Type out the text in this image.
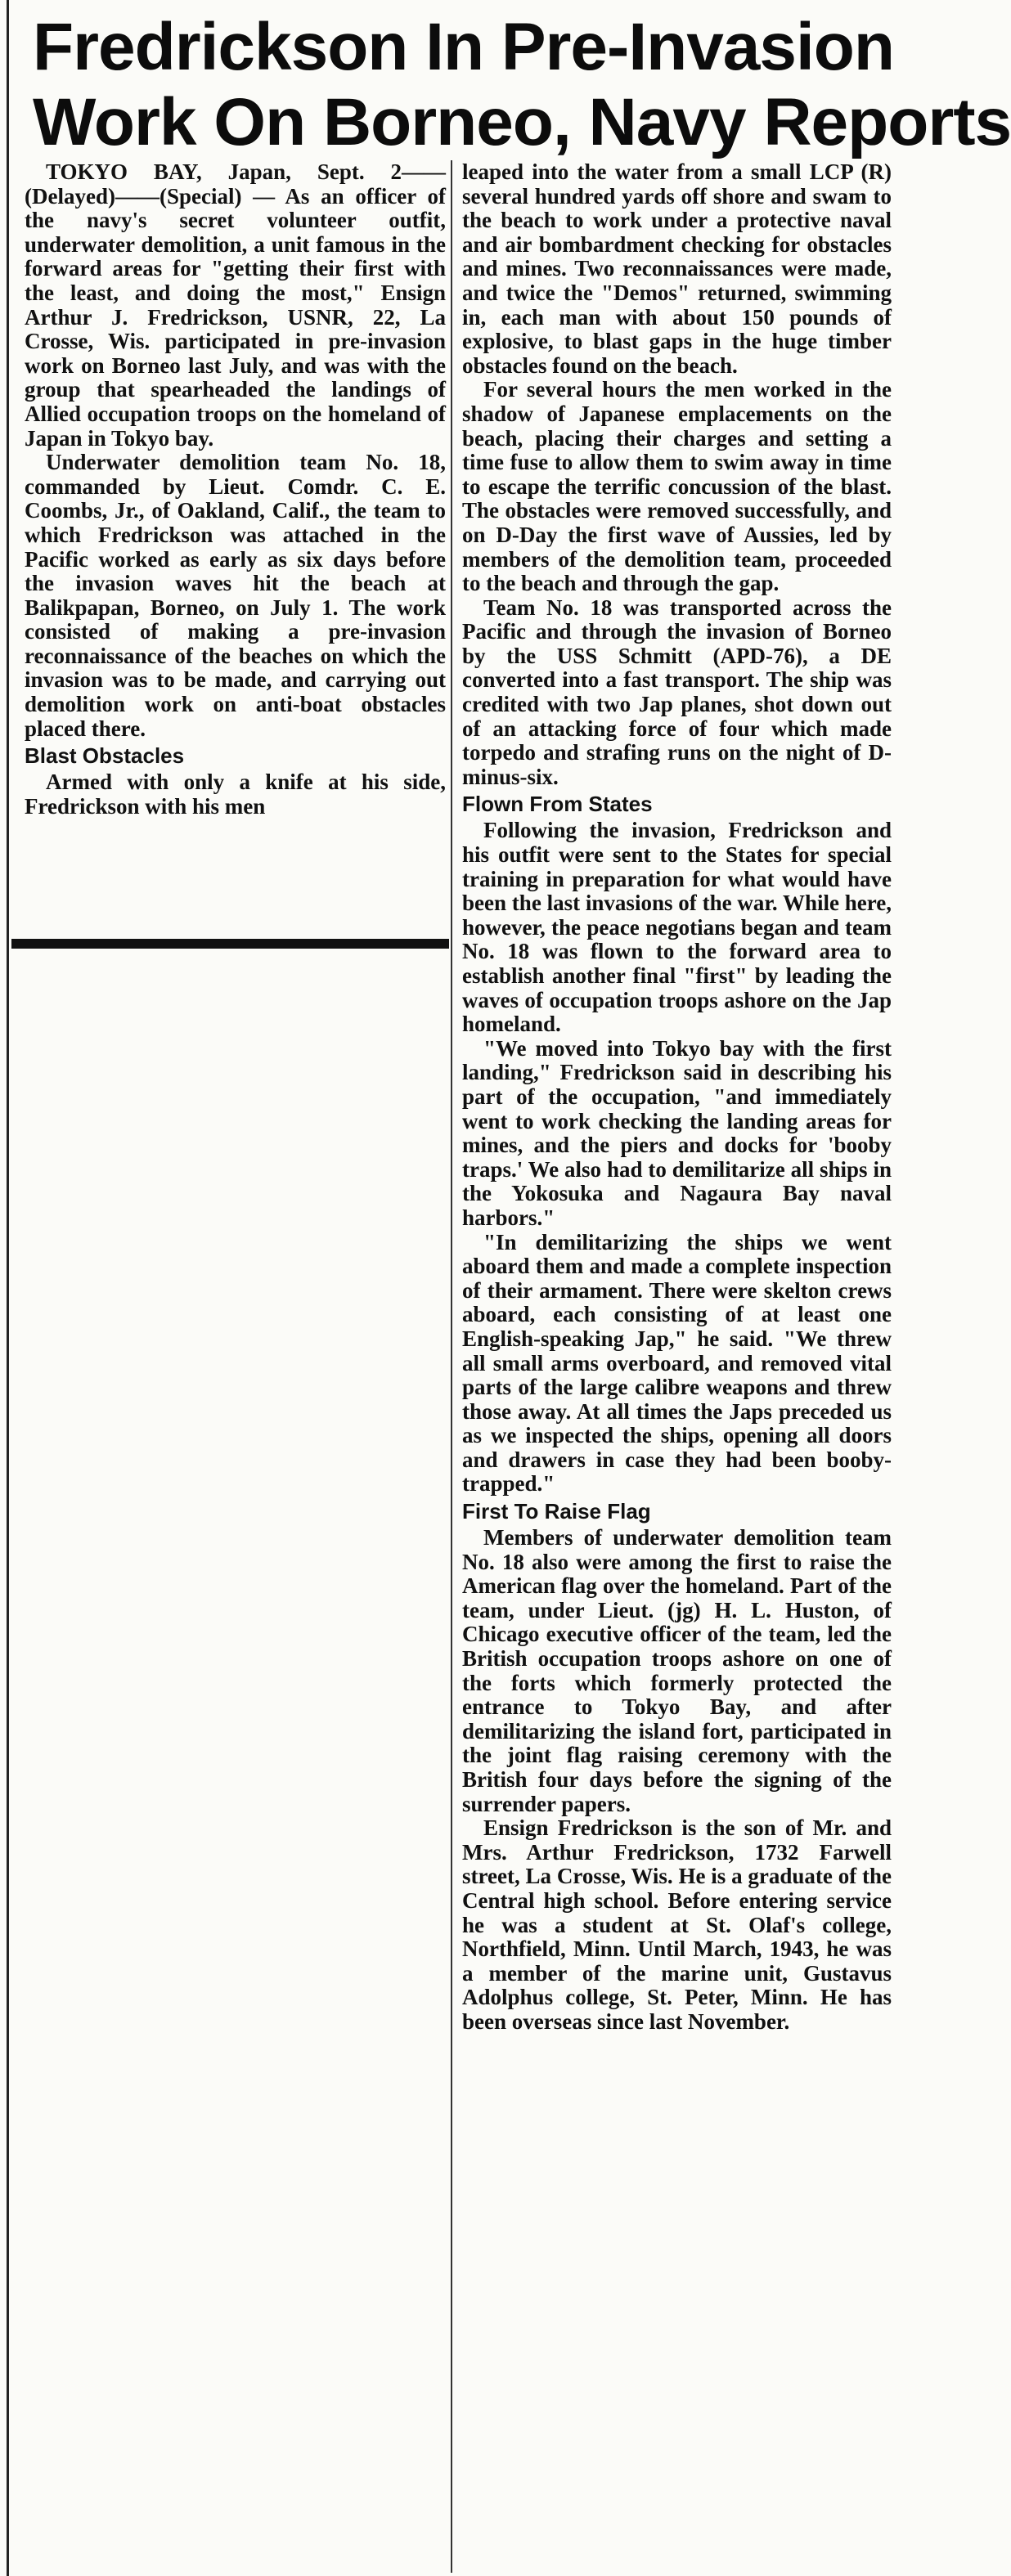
Fredrickson In Pre-Invasion
Work On Borneo, Navy Reports

TOKYO BAY, Japan, Sept. 2——(Delayed)——(Special) — As an officer of the navy's secret volunteer outfit, underwater demolition, a unit famous in the forward areas for "getting their first with the least, and doing the most," Ensign Arthur J. Fredrickson, USNR, 22, La Crosse, Wis. participated in pre-invasion work on Borneo last July, and was with the group that spearheaded the landings of Allied occupation troops on the homeland of Japan in Tokyo bay.

Underwater demolition team No. 18, commanded by Lieut. Comdr. C. E. Coombs, Jr., of Oakland, Calif., the team to which Fredrickson was attached in the Pacific worked as early as six days before the invasion waves hit the beach at Balikpapan, Borneo, on July 1. The work consisted of making a pre-invasion reconnaissance of the beaches on which the invasion was to be made, and carrying out demolition work on anti-boat obstacles placed there.

Blast Obstacles

Armed with only a knife at his side, Fredrickson with his men

leaped into the water from a small LCP (R) several hundred yards off shore and swam to the beach to work under a protective naval and air bombardment checking for obstacles and mines. Two reconnaissances were made, and twice the "Demos" returned, swimming in, each man with about 150 pounds of explosive, to blast gaps in the huge timber obstacles found on the beach.

For several hours the men worked in the shadow of Japanese emplacements on the beach, placing their charges and setting a time fuse to allow them to swim away in time to escape the terrific concussion of the blast. The obstacles were removed successfully, and on D-Day the first wave of Aussies, led by members of the demolition team, proceeded to the beach and through the gap.

Team No. 18 was transported across the Pacific and through the invasion of Borneo by the USS Schmitt (APD-76), a DE converted into a fast transport. The ship was credited with two Jap planes, shot down out of an attacking force of four which made torpedo and strafing runs on the night of D-minus-six.

Flown From States

Following the invasion, Fredrickson and his outfit were sent to the States for special training in preparation for what would have been the last invasions of the war. While here, however, the peace negotians began and team No. 18 was flown to the forward area to establish another final "first" by leading the waves of occupation troops ashore on the Jap homeland.

"We moved into Tokyo bay with the first landing," Fredrickson said in describing his part of the occupation, "and immediately went to work checking the landing areas for mines, and the piers and docks for 'booby traps.' We also had to demilitarize all ships in the Yokosuka and Nagaura Bay naval harbors."

"In demilitarizing the ships we went aboard them and made a complete inspection of their armament. There were skelton crews aboard, each consisting of at least one English-speaking Jap," he said. "We threw all small arms overboard, and removed vital parts of the large calibre weapons and threw those away. At all times the Japs preceded us as we inspected the ships, opening all doors and drawers in case they had been booby-trapped."

First To Raise Flag

Members of underwater demolition team No. 18 also were among the first to raise the American flag over the homeland. Part of the team, under Lieut. (jg) H. L. Huston, of Chicago executive officer of the team, led the British occupation troops ashore on one of the forts which formerly protected the entrance to Tokyo Bay, and after demilitarizing the island fort, participated in the joint flag raising ceremony with the British four days before the signing of the surrender papers.

Ensign Fredrickson is the son of Mr. and Mrs. Arthur Fredrickson, 1732 Farwell street, La Crosse, Wis. He is a graduate of the Central high school. Before entering service he was a student at St. Olaf's college, Northfield, Minn. Until March, 1943, he was a member of the marine unit, Gustavus Adolphus college, St. Peter, Minn. He has been overseas since last November.
